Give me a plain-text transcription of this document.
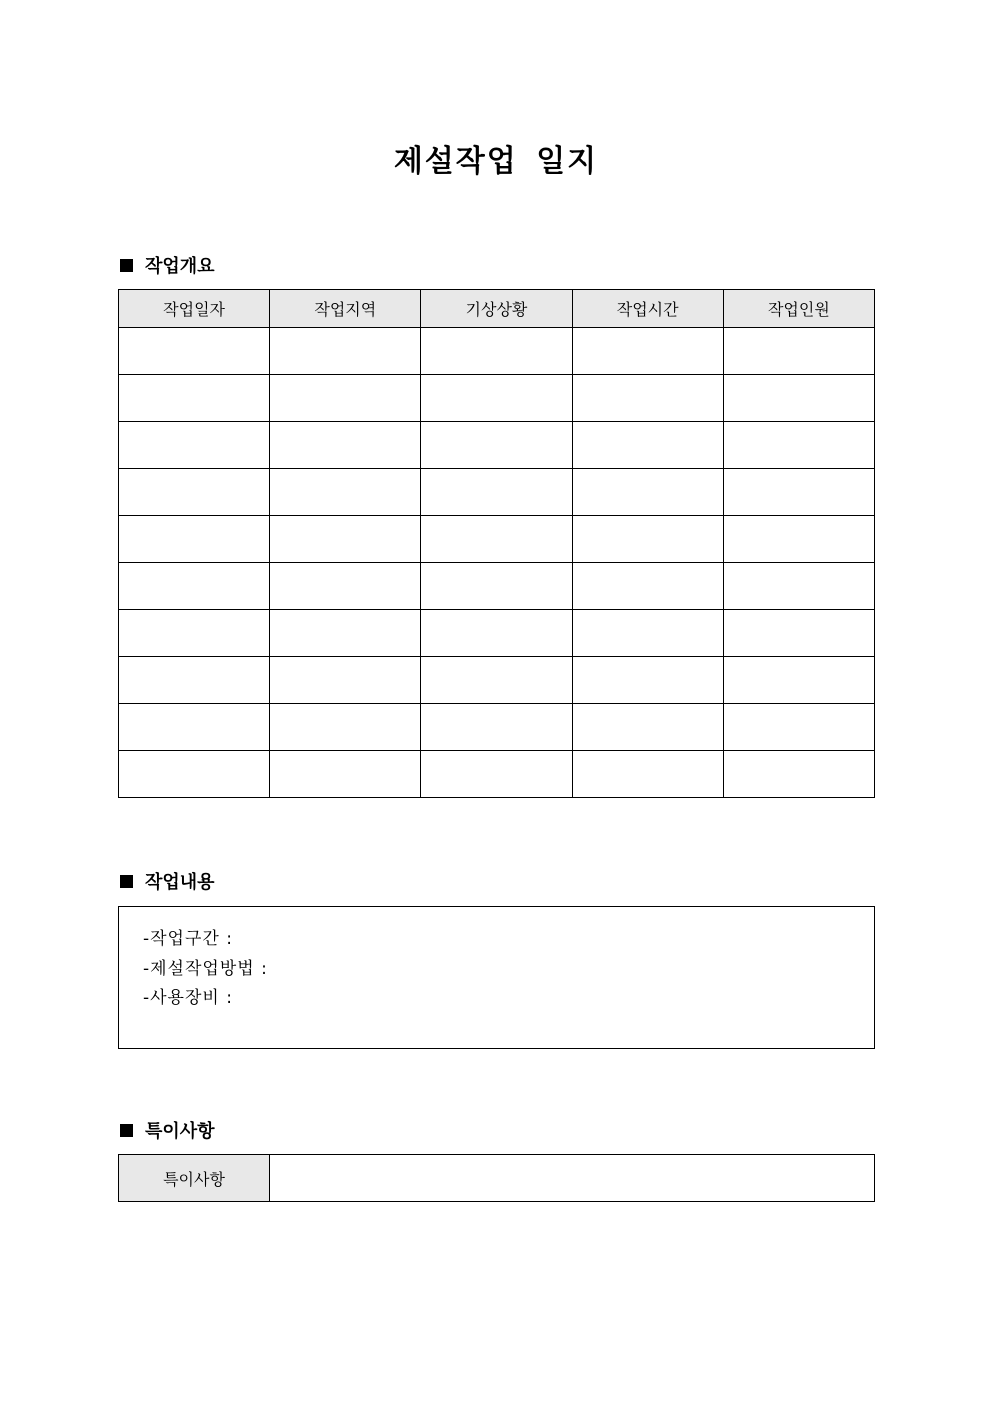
제설작업 일지
작업개요
작업일자	작업지역	기상상황	작업시간	작업인원

작업내용
-작업구간 :
-제설작업방법 :
-사용장비 :
특이사항
특이사항	
